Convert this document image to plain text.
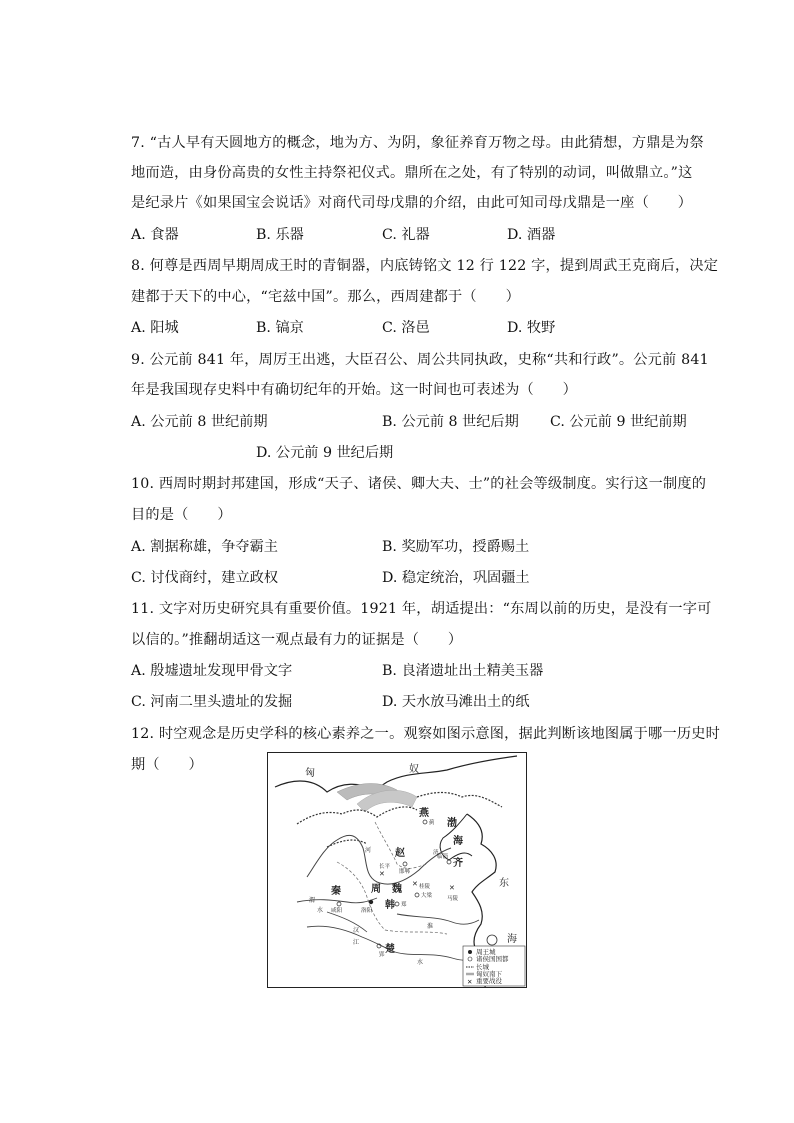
7. “古人早有天圆地方的概念，地为方、为阴，象征养育万物之母。由此猜想，方鼎是为祭
地而造，由身份高贵的女性主持祭祀仪式。鼎所在之处，有了特别的动词，叫做鼎立。”这
是纪录片《如果国宝会说话》对商代司母戊鼎的介绍，由此可知司母戊鼎是一座（　　）
A. 食器	B. 乐器	C. 礼器	D. 酒器
8. 何尊是西周早期周成王时的青铜器，内底铸铭文 12 行 122 字，提到周武王克商后，决定
建都于天下的中心，“宅兹中国”。那么，西周建都于（　　）
A. 阳城	B. 镐京	C. 洛邑	D. 牧野
9. 公元前 841 年，周厉王出逃，大臣召公、周公共同执政，史称“共和行政”。公元前 841
年是我国现存史料中有确切纪年的开始。这一时间也可表述为（　　）
A. 公元前 8 世纪前期	B. 公元前 8 世纪后期 C. 公元前 9 世纪前期
D. 公元前 9 世纪后期
10. 西周时期封邦建国，形成“天子、诸侯、卿大夫、士”的社会等级制度。实行这一制度的
目的是（　　）
A. 割据称雄，争夺霸主	B. 奖励军功，授爵赐土
C. 讨伐商纣，建立政权	D. 稳定统治，巩固疆土
11. 文字对历史研究具有重要价值。1921 年，胡适提出：“东周以前的历史，是没有一字可
以信的。”推翻胡适这一观点最有力的证据是（　　）
A. 殷墟遗址发现甲骨文字	B. 良渚遗址出土精美玉器
C. 河南二里头遗址的发掘	D. 天水放马滩出土的纸
12. 时空观念是历史学科的核心素养之一。观察如图示意图，据此判断该地图属于哪一历史时
期（　　）
匈	奴
燕
赵
渤
海
齐
秦	魏
周
韩
楚
东
海
蓟
邯郸
长平
✕
✕ 桂陵
济
临淄
大梁
✕
马陵
郑
洛阳
咸阳
渭
水
河
淮
汉
江
郢
水
周王城
诸侯国国都
长城
匈奴南下
✕ 重要战役
